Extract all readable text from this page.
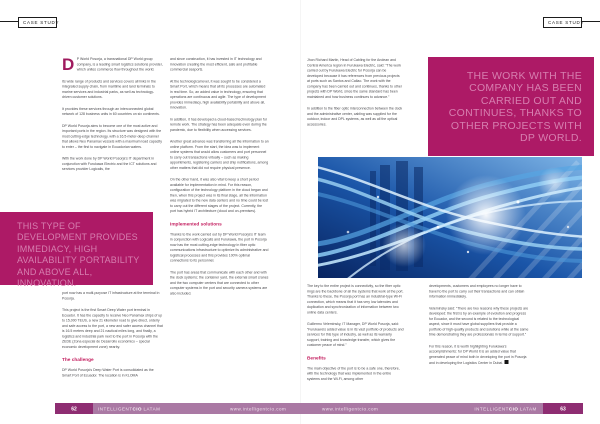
CASE STUDY	CASE STUDY

D P World Posorja, a transnational DP World group company, is a leading smart logistics solutions provider, which unites commerce flow throughout the world.

Its wide range of products and services covers all links in the integrated supply chain, from maritime and land terminals to marine services and industrial parks, as well as technology-driven customer solutions.

It provides these services through an interconnected global network of 128 business units in 60 countries on six continents.

DP World Posorja aims to become one of the most active and important ports in the region. Its structure was designed with the most cutting-edge technology, with a 16.5-meter-deep channel that allows Neo Panamax vessels with a maximum load capacity to enter – the first to navigate in Ecuadorian waters.

With the work done by DP World Posorja's IT department in conjunction with Furukawa Electric and the ICT solutions and services provider Logicalis, the

THIS TYPE OF DEVELOPMENT PROVIDES IMMEDIACY, HIGH AVAILABILITY PORTABILITY AND ABOVE ALL, INNOVATION.

port now has a multi-purpose IT infrastructure at the terminal in Posorja.

This project is the first Smart Deep Water port terminal in Ecuador. It has the capacity to receive Neo Panamax ships of up to 15,000 TEUS, a new 21 kilometer road to give direct, orderly and safe access to the port, a new and safer access channel that is 16.5 meters deep and 21 nautical miles long, and finally, a logistics and industrial park next to the port in Posorja with the ZEDE (Zona especial de Desarrollo económico – special economic development zone) nearby.

The challenge

DP World Posorja's Deep Water Port is consolidated as the Smart Port of Ecuador. The location is in KLOMA

and since construction, it has invested in IT technology and innovation creating the most efficient, safe and profitable commercial seaports.

At the technological level, it was sought to be considered a Smart Port, which means that all its processes are automated in real time. So, an added value in technology, ensuring that operations are continuous and agile. The type of development provides immediacy, high availability portability and above all, innovation.

In addition, it has developed a cloud-based technology plan for remote work. The strategy has been adequate even during the pandemic, due to flexibility when accessing services.

Another great advance was transferring all the information to an online platform. From the start, the idea was to implement online systems that would allow customers and port personnel to carry out transactions virtually – such as making appointments, registering carriers and ship notifications, among other matters that did not require physical presence.

On the other hand, it was also vital to keep a short period available for implementation in mind. For this reason, configuration of the technology platform in the cloud began and then, when this project was in its final stage, all the information was migrated to the new data centers and no time could be lost to carry out the different stages of the project. Currently, the port has hybrid IT architecture (cloud and on-premises).

Implemented solutions

Thanks to the work carried out by DP World Posorja's IT team in conjunction with Logicalis and Furukawa, the port in Posorja now has the most cutting-edge technology in fiber optic communications infrastructure to optimize its administrative and logistical processes and this provides 100% optimal connections to its personnel.

The port has areas that communicate with each other and with the dock systems; the container yard, the external smart cranes and the two computer centers that are connected to other computer systems in the port and security camera systems are also included.

Jhon Richard Martin, Head of Cabling for the Andean and Central America region in Furukawa Electric, said: “The work carried out by Furukawa Electric for Posorja can be developed because it has references from previous projects at ports such as Santos and Callao. The work with the company has been carried out and continues, thanks to other projects with DP World, since the same standard has been maintained and how business continues to advance.”

In addition to the fiber optic interconnection between the dock and the administrative center, cabling was supplied for the outdoor, indoor and DPL systems, as well as all the optical accessories.

THE WORK WITH THE COMPANY HAS BEEN CARRIED OUT AND CONTINUES, THANKS TO OTHER PROJECTS WITH DP WORLD.

The key to the entire project is connectivity, so the fiber optic rings are the backbone of all the systems that work at the port. Thanks to these, the Posorja port has an industrial-type Wi-Fi connection, which means that it has very low latencies and duplication and synchronization of information between two online data centers.

Guillermo Veleminsky, IT Manager, DP World Posorja, said: “Furukawa's added value is in its vast portfolio of products and services for this type of industry, as well as its warranty support, training and knowledge transfer, which gives the customer peace of mind.”

Benefits

The main objective of the port is to be a safe one, therefore, with the technology that was implemented in the entire systems and the Wi-Fi, among other

developments, customers and employees no longer have to travel to the port to carry out their transactions and can obtain information immediately.

Veleminsky said: “There are two reasons why these projects are developed: the first is by an example of evolution and progress for Ecuador, and the second is related to the technological aspect, since it must have global suppliers that provide a portfolio of high-quality products and solutions while at the same time demonstrating they are professionals in terms of support.”

For this reason, it is worth highlighting Furukawa's accomplishments: for DP World it is an added value that generated peace of mind both in developing the port in Posorja and in developing the Logistics Center in Dubai.

62 INTELLIGENTCIO LATAM	www.intelligentcio.com	www.intelligentcio.com	INTELLIGENTCIO LATAM 63
